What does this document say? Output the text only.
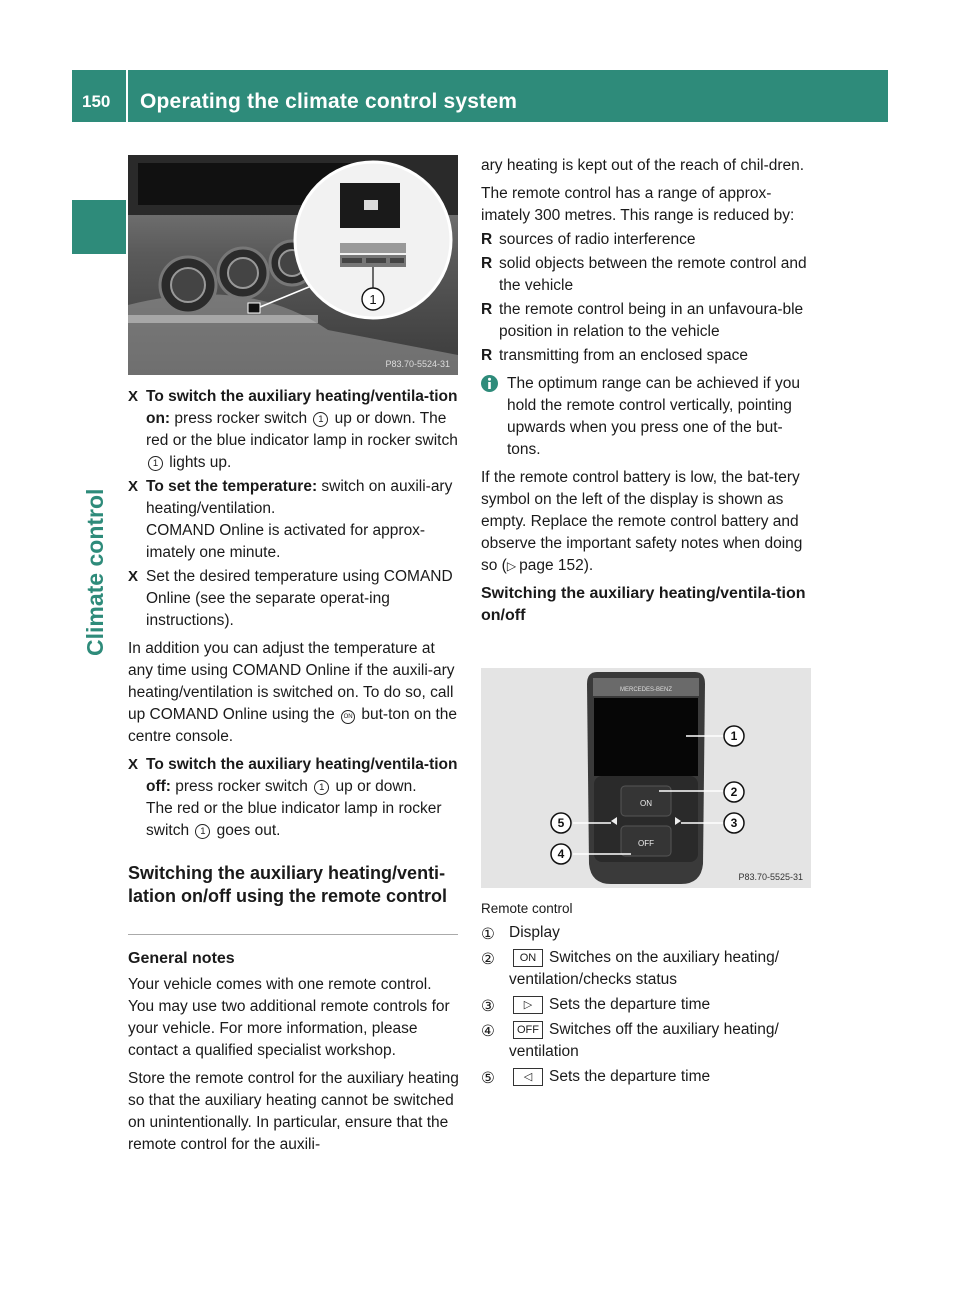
150 Operating the climate control system
Climate control
1
P83.70-5524-31
X To switch the auxiliary heating/ventila-tion on: press rocker switch 1 up or down. The red or the blue indicator lamp in rocker switch 1 lights up.
X To set the temperature: switch on auxili-ary heating/ventilation.
COMAND Online is activated for approx-imately one minute.
X Set the desired temperature using COMAND Online (see the separate operat-ing instructions).

In addition you can adjust the temperature at any time using COMAND Online if the auxili-ary heating/ventilation is switched on. To do so, call up COMAND Online using the ON but-ton on the centre console.

X To switch the auxiliary heating/ventila-tion off: press rocker switch 1 up or down.
The red or the blue indicator lamp in rocker switch 1 goes out.
Switching the auxiliary heating/venti-lation on/off using the remote control

General notes

Your vehicle comes with one remote control. You may use two additional remote controls for your vehicle. For more information, please contact a qualified specialist workshop.

Store the remote control for the auxiliary heating so that the auxiliary heating cannot be switched on unintentionally. In particular, ensure that the remote control for the auxili-

ary heating is kept out of the reach of chil-dren.

The remote control has a range of approx-imately 300 metres. This range is reduced by:

R sources of radio interference
R solid objects between the remote control and the vehicle
R the remote control being in an unfavoura-ble position in relation to the vehicle
R transmitting from an enclosed space
The optimum range can be achieved if you hold the remote control vertically, pointing upwards when you press one of the but-tons.

If the remote control battery is low, the bat-tery symbol on the left of the display is shown as empty. Replace the remote control battery and observe the important safety notes when doing so (▷ page 152).

Switching the auxiliary heating/ventila-tion on/off
MERCEDES-BENZ
ON
OFF
1
2
3
4
5
P83.70-5525-31

Remote control

① Display
② ON Switches on the auxiliary heating/ ventilation/checks status
③	▷ Sets the departure time
④ OFF Switches off the auxiliary heating/ ventilation
⑤	◁ Sets the departure time
